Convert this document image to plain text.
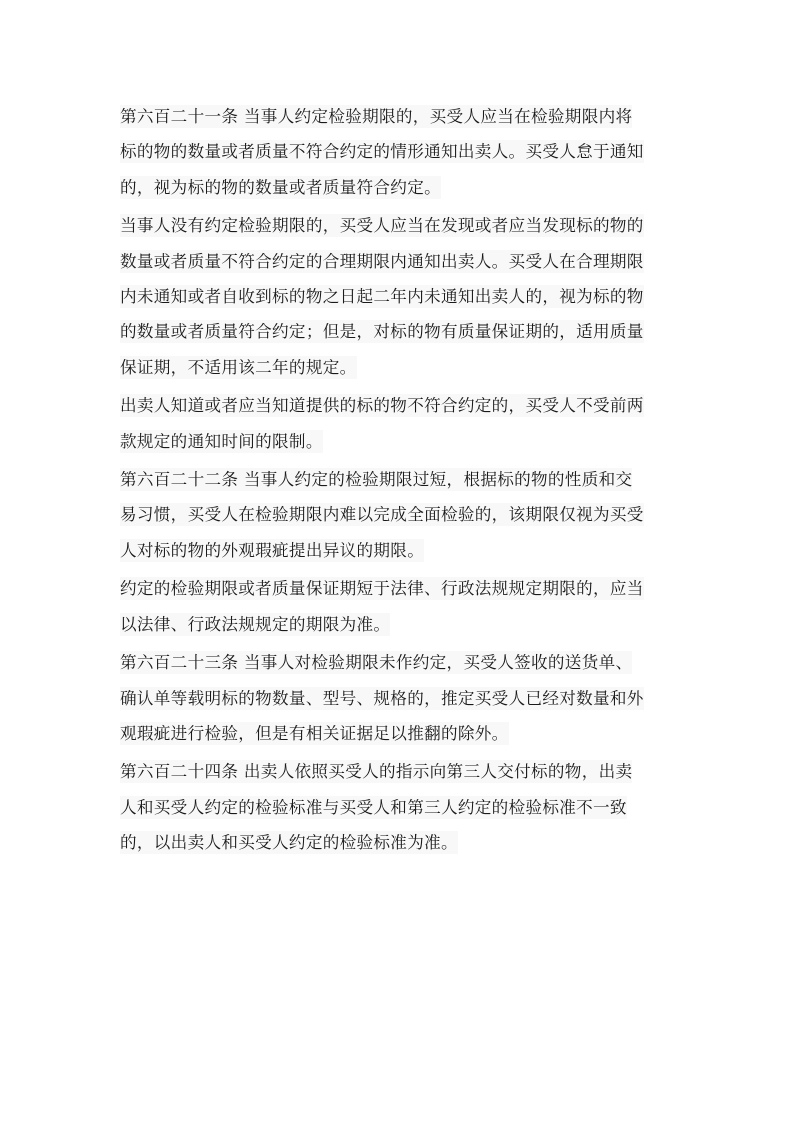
第六百二十一条 当事人约定检验期限的，买受人应当在检验期限内将
标的物的数量或者质量不符合约定的情形通知出卖人。买受人怠于通知
的，视为标的物的数量或者质量符合约定。

当事人没有约定检验期限的，买受人应当在发现或者应当发现标的物的
数量或者质量不符合约定的合理期限内通知出卖人。买受人在合理期限
内未通知或者自收到标的物之日起二年内未通知出卖人的，视为标的物
的数量或者质量符合约定；但是，对标的物有质量保证期的，适用质量
保证期，不适用该二年的规定。

出卖人知道或者应当知道提供的标的物不符合约定的，买受人不受前两
款规定的通知时间的限制。

第六百二十二条 当事人约定的检验期限过短，根据标的物的性质和交
易习惯，买受人在检验期限内难以完成全面检验的，该期限仅视为买受
人对标的物的外观瑕疵提出异议的期限。

约定的检验期限或者质量保证期短于法律、行政法规规定期限的，应当
以法律、行政法规规定的期限为准。

第六百二十三条 当事人对检验期限未作约定，买受人签收的送货单、
确认单等载明标的物数量、型号、规格的，推定买受人已经对数量和外
观瑕疵进行检验，但是有相关证据足以推翻的除外。

第六百二十四条 出卖人依照买受人的指示向第三人交付标的物，出卖
人和买受人约定的检验标准与买受人和第三人约定的检验标准不一致
的，以出卖人和买受人约定的检验标准为准。
